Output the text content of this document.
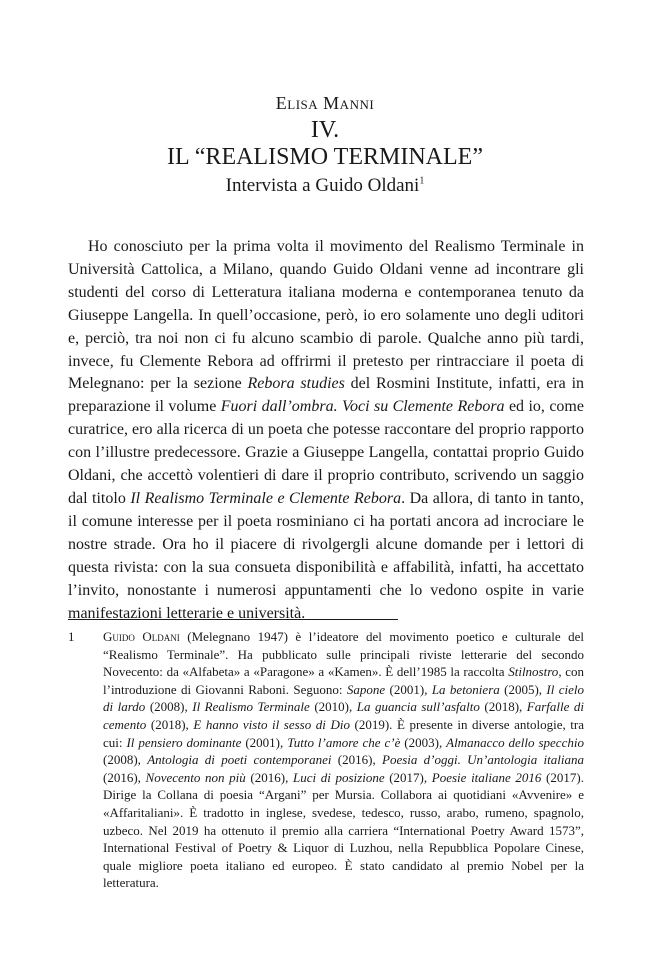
Elisa Manni
IV.
IL “REALISMO TERMINALE”
Intervista a Guido Oldani$^1$

Ho conosciuto per la prima volta il movimento del Realismo Terminale in Università Cattolica, a Milano, quando Guido Oldani venne ad incontrare gli studenti del corso di Letteratura italiana moderna e contemporanea tenuto da Giuseppe Langella. In quell’occasione, però, io ero solamente uno degli uditori e, perciò, tra noi non ci fu alcuno scambio di parole. Qualche anno più tardi, invece, fu Clemente Rebora ad offrirmi il pretesto per rintracciare il poeta di Melegnano: per la sezione Rebora studies del Rosmini Institute, infatti, era in preparazione il volume Fuori dall’ombra. Voci su Clemente Rebora ed io, come curatrice, ero alla ricerca di un poeta che potesse raccontare del proprio rapporto con l’illustre predecessore. Grazie a Giuseppe Langella, contattai proprio Guido Oldani, che accettò volentieri di dare il proprio contributo, scrivendo un saggio dal titolo Il Realismo Terminale e Clemente Rebora. Da allora, di tanto in tanto, il comune interesse per il poeta rosminiano ci ha portati ancora ad incrociare le nostre strade. Ora ho il piacere di rivolgergli alcune domande per i lettori di questa rivista: con la sua consueta disponibilità e affabilità, infatti, ha accettato l’invito, nonostante i numerosi appuntamenti che lo vedono ospite in varie manifestazioni letterarie e università.

1 Guido Oldani (Melegnano 1947) è l’ideatore del movimento poetico e culturale del “Realismo Terminale”. Ha pubblicato sulle principali riviste letterarie del secondo Novecento: da «Alfabeta» a «Paragone» a «Kamen». È dell’1985 la raccolta Stilnostro, con l’introduzione di Giovanni Raboni. Seguono: Sapone (2001), La betoniera (2005), Il cielo di lardo (2008), Il Realismo Terminale (2010), La guancia sull’asfalto (2018), Farfalle di cemento (2018), E hanno visto il sesso di Dio (2019). È presente in diverse antologie, tra cui: Il pensiero dominante (2001), Tutto l’amore che c’è (2003), Almanacco dello specchio (2008), Antologia di poeti contemporanei (2016), Poesia d’oggi. Un’antologia italiana (2016), Novecento non più (2016), Luci di posizione (2017), Poesie italiane 2016 (2017). Dirige la Collana di poesia “Argani” per Mursia. Collabora ai quotidiani «Avvenire» e «Affaritaliani». È tradotto in inglese, svedese, tedesco, russo, arabo, rumeno, spagnolo, uzbeco. Nel 2019 ha ottenuto il premio alla carriera “International Poetry Award 1573”, International Festival of Poetry & Liquor di Luzhou, nella Repubblica Popolare Cinese, quale migliore poeta italiano ed europeo. È stato candidato al premio Nobel per la letteratura.
